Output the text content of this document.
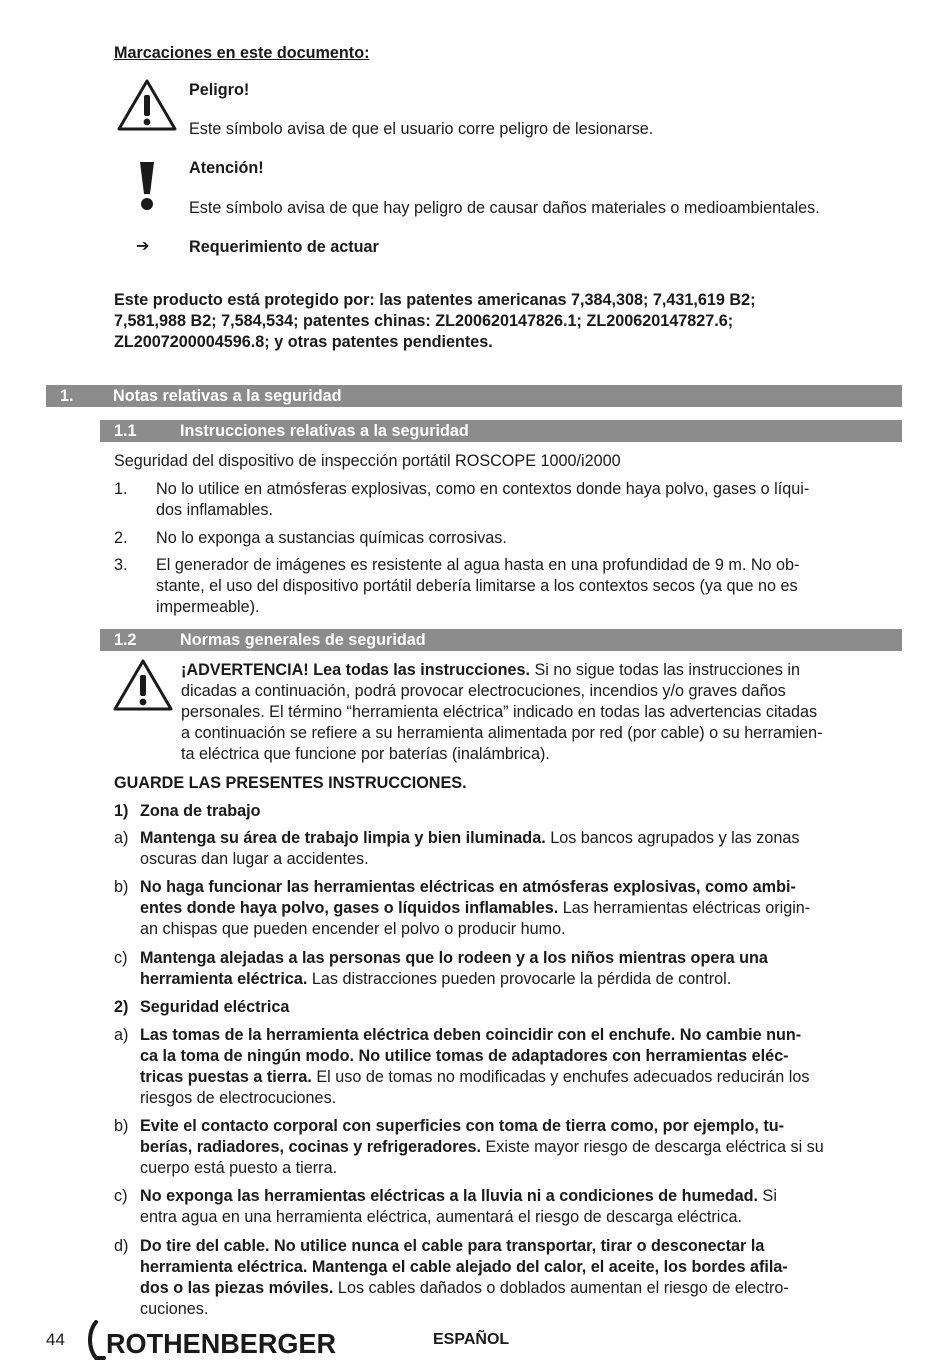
Marcaciones en este documento:
Peligro!
Este símbolo avisa de que el usuario corre peligro de lesionarse.
Atención!
Este símbolo avisa de que hay peligro de causar daños materiales o medioambientales.
➔ Requerimiento de actuar
Este producto está protegido por: las patentes americanas 7,384,308; 7,431,619 B2;
7,581,988 B2; 7,584,534; patentes chinas: ZL200620147826.1; ZL200620147827.6;
ZL2007200004596.8; y otras patentes pendientes.
1. Notas relativas a la seguridad
1.1	Instrucciones relativas a la seguridad
Seguridad del dispositivo de inspección portátil ROSCOPE 1000/i2000
1.	No lo utilice en atmósferas explosivas, como en contextos donde haya polvo, gases o líqui-
dos inflamables.
2.	No lo exponga a sustancias químicas corrosivas.
3.	El generador de imágenes es resistente al agua hasta en una profundidad de 9 m. No ob-
stante, el uso del dispositivo portátil debería limitarse a los contextos secos (ya que no es
impermeable).
1.2	Normas generales de seguridad
¡ADVERTENCIA! Lea todas las instrucciones. Si no sigue todas las instrucciones in
dicadas a continuación, podrá provocar electrocuciones, incendios y/o graves daños
personales. El término “herramienta eléctrica” indicado en todas las advertencias citadas
a continuación se refiere a su herramienta alimentada por red (por cable) o su herramien-
ta eléctrica que funcione por baterías (inalámbrica).
GUARDE LAS PRESENTES INSTRUCCIONES.
1) Zona de trabajo
a) Mantenga su área de trabajo limpia y bien iluminada. Los bancos agrupados y las zonas
oscuras dan lugar a accidentes.
b) No haga funcionar las herramientas eléctricas en atmósferas explosivas, como ambi-
entes donde haya polvo, gases o líquidos inflamables. Las herramientas eléctricas origin-
an chispas que pueden encender el polvo o producir humo.
c) Mantenga alejadas a las personas que lo rodeen y a los niños mientras opera una
herramienta eléctrica. Las distracciones pueden provocarle la pérdida de control.
2) Seguridad eléctrica
a) Las tomas de la herramienta eléctrica deben coincidir con el enchufe. No cambie nun-
ca la toma de ningún modo. No utilice tomas de adaptadores con herramientas eléc-
tricas puestas a tierra. El uso de tomas no modificadas y enchufes adecuados reducirán los
riesgos de electrocuciones.
b) Evite el contacto corporal con superficies con toma de tierra como, por ejemplo, tu-
berías, radiadores, cocinas y refrigeradores. Existe mayor riesgo de descarga eléctrica si su
cuerpo está puesto a tierra.
c) No exponga las herramientas eléctricas a la lluvia ni a condiciones de humedad. Si
entra agua en una herramienta eléctrica, aumentará el riesgo de descarga eléctrica.
d) Do tire del cable. No utilice nunca el cable para transportar, tirar o desconectar la
herramienta eléctrica. Mantenga el cable alejado del calor, el aceite, los bordes afila-
dos o las piezas móviles. Los cables dañados o doblados aumentan el riesgo de electro-
cuciones.
44 ROTHENBERGER	ESPAÑOL
